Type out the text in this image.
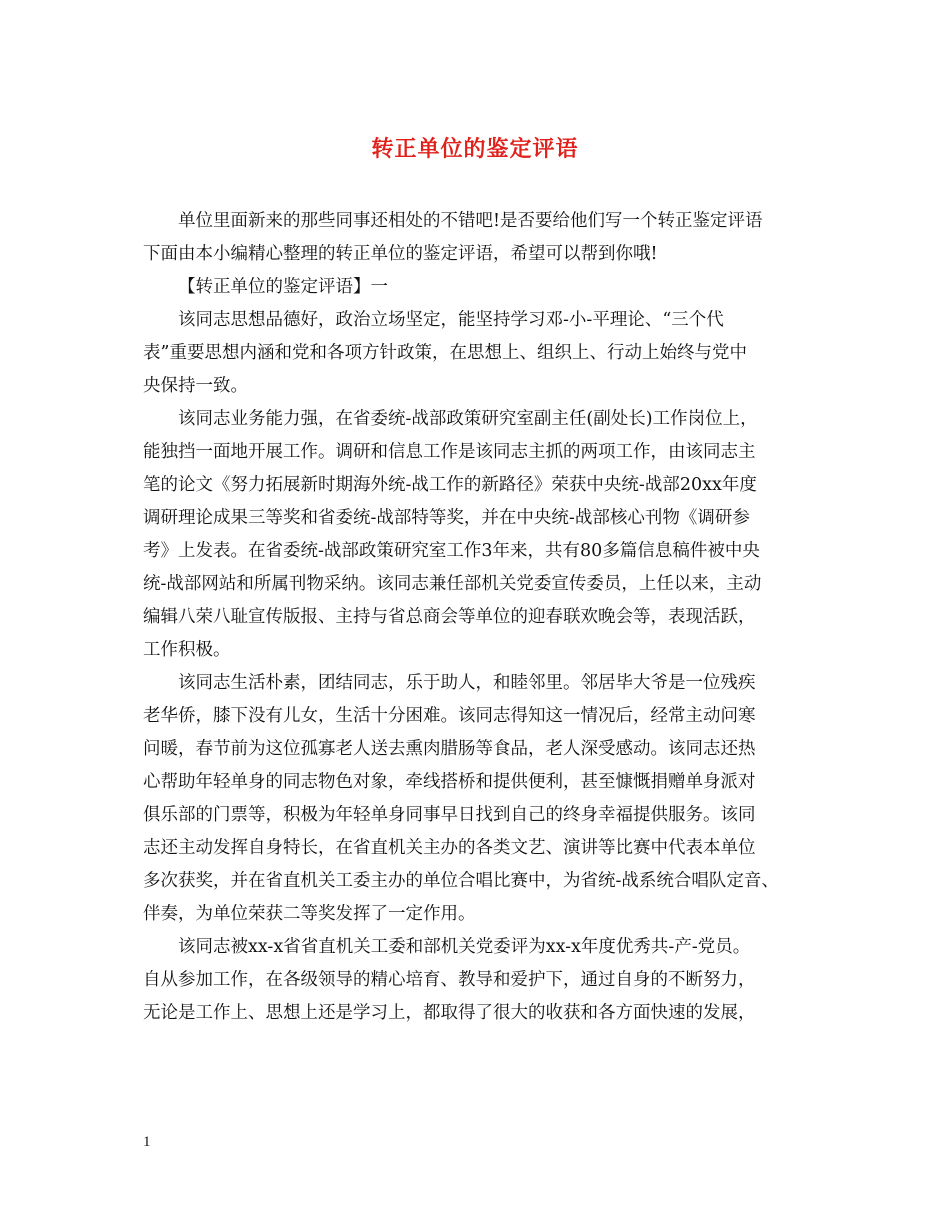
转正单位的鉴定评语
单位里面新来的那些同事还相处的不错吧!是否要给他们写一个转正鉴定评语
下面由本小编精心整理的转正单位的鉴定评语，希望可以帮到你哦!
【转正单位的鉴定评语】一
该同志思想品德好，政治立场坚定，能坚持学习邓-小-平理论、“三个代
表”重要思想内涵和党和各项方针政策，在思想上、组织上、行动上始终与党中
央保持一致。
该同志业务能力强，在省委统-战部政策研究室副主任(副处长)工作岗位上，
能独挡一面地开展工作。调研和信息工作是该同志主抓的两项工作，由该同志主
笔的论文《努力拓展新时期海外统-战工作的新路径》荣获中央统-战部20xx年度
调研理论成果三等奖和省委统-战部特等奖，并在中央统-战部核心刊物《调研参
考》上发表。在省委统-战部政策研究室工作3年来，共有80多篇信息稿件被中央
统-战部网站和所属刊物采纳。该同志兼任部机关党委宣传委员，上任以来，主动
编辑八荣八耻宣传版报、主持与省总商会等单位的迎春联欢晚会等，表现活跃，
工作积极。
该同志生活朴素，团结同志，乐于助人，和睦邻里。邻居毕大爷是一位残疾
老华侨，膝下没有儿女，生活十分困难。该同志得知这一情况后，经常主动问寒
问暖，春节前为这位孤寡老人送去熏肉腊肠等食品，老人深受感动。该同志还热
心帮助年轻单身的同志物色对象，牵线搭桥和提供便利，甚至慷慨捐赠单身派对
俱乐部的门票等，积极为年轻单身同事早日找到自己的终身幸福提供服务。该同
志还主动发挥自身特长，在省直机关主办的各类文艺、演讲等比赛中代表本单位
多次获奖，并在省直机关工委主办的单位合唱比赛中，为省统-战系统合唱队定音、
伴奏，为单位荣获二等奖发挥了一定作用。
该同志被xx-x省省直机关工委和部机关党委评为xx-x年度优秀共-产-党员。
自从参加工作，在各级领导的精心培育、教导和爱护下，通过自身的不断努力，
无论是工作上、思想上还是学习上，都取得了很大的收获和各方面快速的发展，
1
